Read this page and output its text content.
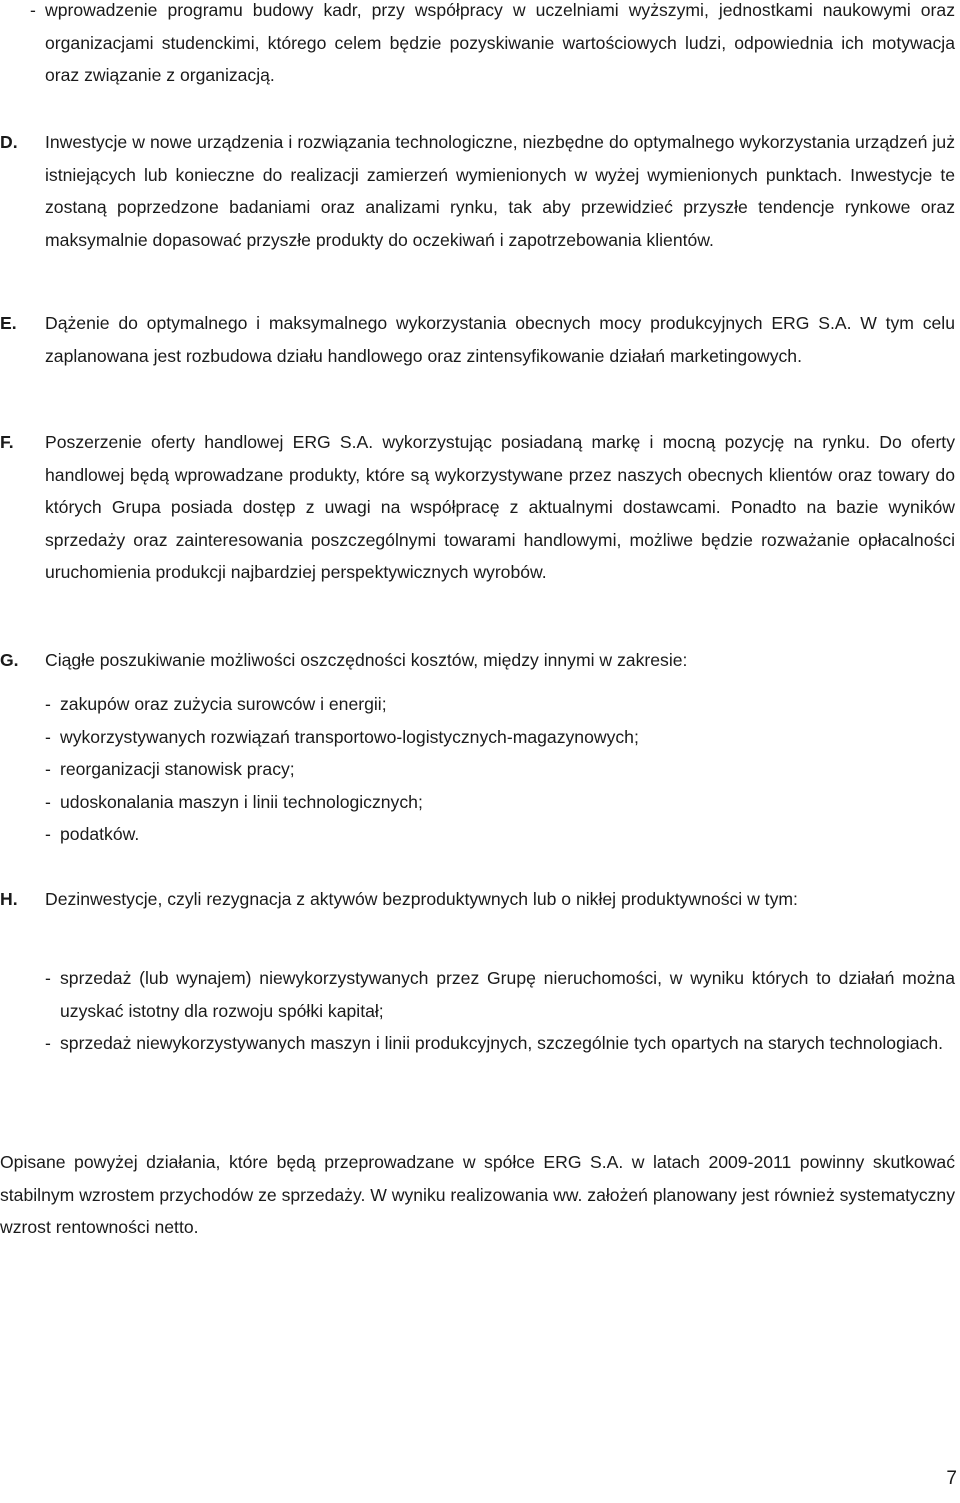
- wprowadzenie programu budowy kadr, przy współpracy w uczelniami wyższymi, jednostkami naukowymi oraz organizacjami studenckimi, którego celem będzie pozyskiwanie wartościowych ludzi, odpowiednia ich motywacja oraz związanie z organizacją.
D.	Inwestycje w nowe urządzenia i rozwiązania technologiczne, niezbędne do optymalnego wykorzystania urządzeń już istniejących lub konieczne do realizacji zamierzeń wymienionych w wyżej wymienionych punktach. Inwestycje te zostaną poprzedzone badaniami oraz analizami rynku, tak aby przewidzieć przyszłe tendencje rynkowe oraz maksymalnie dopasować przyszłe produkty do oczekiwań i zapotrzebowania klientów.
E.	Dążenie do optymalnego i maksymalnego wykorzystania obecnych mocy produkcyjnych ERG S.A. W tym celu zaplanowana jest rozbudowa działu handlowego oraz zintensyfikowanie działań marketingowych.
F.	Poszerzenie oferty handlowej ERG S.A. wykorzystując posiadaną markę i mocną pozycję na rynku. Do oferty handlowej będą wprowadzane produkty, które są wykorzystywane przez naszych obecnych klientów oraz towary do których Grupa posiada dostęp z uwagi na współpracę z aktualnymi dostawcami. Ponadto na bazie wyników sprzedaży oraz zainteresowania poszczególnymi towarami handlowymi, możliwe będzie rozważanie opłacalności uruchomienia produkcji najbardziej perspektywicznych wyrobów.
G.	Ciągłe poszukiwanie możliwości oszczędności kosztów, między innymi w zakresie:
- zakupów oraz zużycia surowców i energii;
- wykorzystywanych rozwiązań transportowo-logistycznych-magazynowych;
- reorganizacji stanowisk pracy;
- udoskonalania maszyn i linii technologicznych;
- podatków.
H.	Dezinwestycje, czyli rezygnacja z aktywów bezproduktywnych lub o nikłej produktywności w tym:
- sprzedaż (lub wynajem) niewykorzystywanych przez Grupę nieruchomości, w wyniku których to działań można uzyskać istotny dla rozwoju spółki kapitał;
- sprzedaż niewykorzystywanych maszyn i linii produkcyjnych, szczególnie tych opartych na starych technologiach.
Opisane powyżej działania, które będą przeprowadzane w spółce ERG S.A. w latach 2009-2011 powinny skutkować stabilnym wzrostem przychodów ze sprzedaży. W wyniku realizowania ww. założeń planowany jest również systematyczny wzrost rentowności netto.
7
